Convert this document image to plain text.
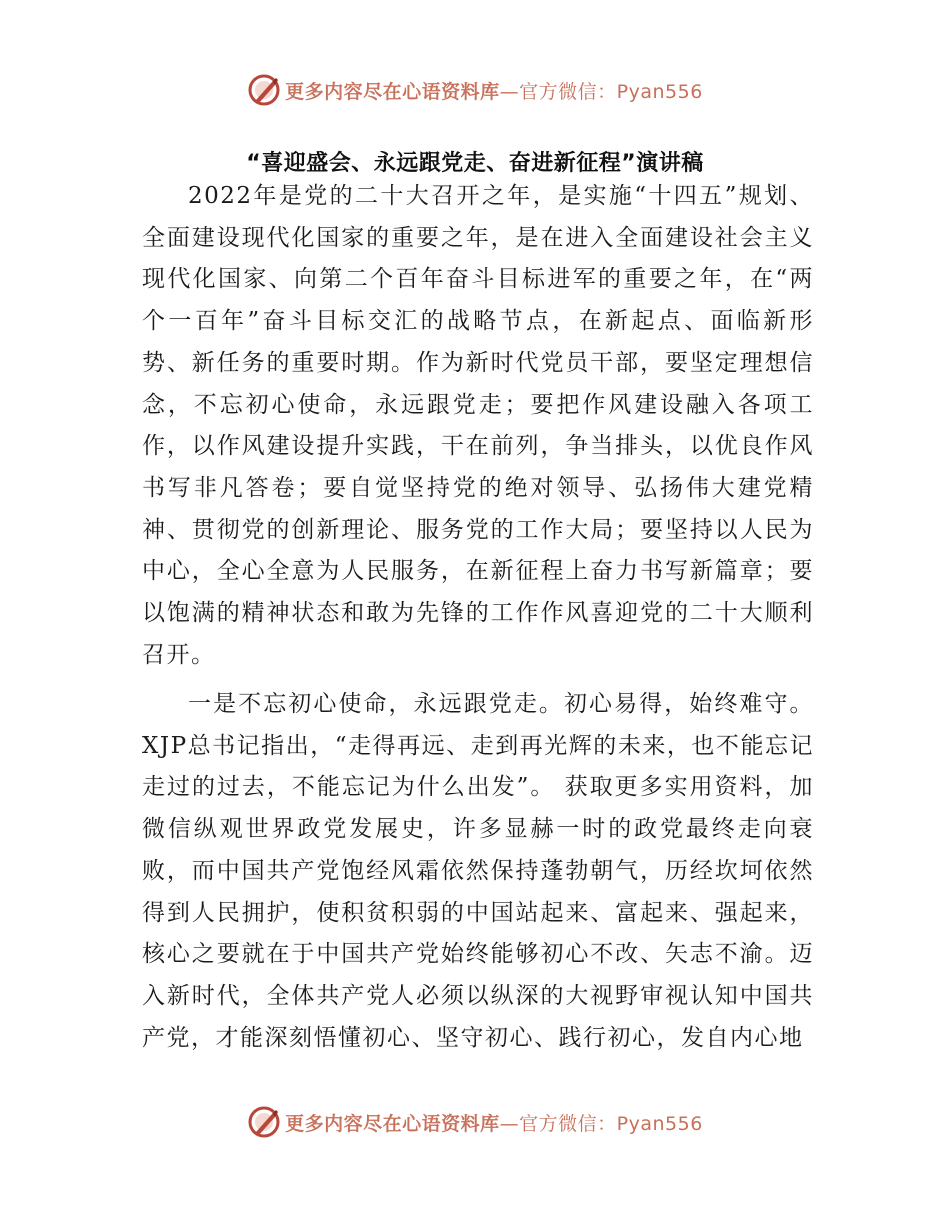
更多内容尽在心语资料库—官方微信：Pyan556
“喜迎盛会、永远跟党走、奋进新征程”演讲稿

2022年是党的二十大召开之年，是实施“十四五”规划、全面建设现代化国家的重要之年，是在进入全面建设社会主义现代化国家、向第二个百年奋斗目标进军的重要之年，在“两个一百年”奋斗目标交汇的战略节点，在新起点、面临新形势、新任务的重要时期。作为新时代党员干部，要坚定理想信念，不忘初心使命，永远跟党走；要把作风建设融入各项工作，以作风建设提升实践，干在前列，争当排头，以优良作风书写非凡答卷；要自觉坚持党的绝对领导、弘扬伟大建党精神、贯彻党的创新理论、服务党的工作大局；要坚持以人民为中心，全心全意为人民服务，在新征程上奋力书写新篇章；要以饱满的精神状态和敢为先锋的工作作风喜迎党的二十大顺利召开。

一是不忘初心使命，永远跟党走。初心易得，始终难守。XJP总书记指出，“走得再远、走到再光辉的未来，也不能忘记走过的过去，不能忘记为什么出发”。 获取更多实用资料，加微信纵观世界政党发展史，许多显赫一时的政党最终走向衰败，而中国共产党饱经风霜依然保持蓬勃朝气，历经坎坷依然得到人民拥护，使积贫积弱的中国站起来、富起来、强起来，核心之要就在于中国共产党始终能够初心不改、矢志不渝。迈入新时代，全体共产党人必须以纵深的大视野审视认知中国共产党，才能深刻悟懂初心、坚守初心、践行初心，发自内心地

更多内容尽在心语资料库—官方微信：Pyan556
